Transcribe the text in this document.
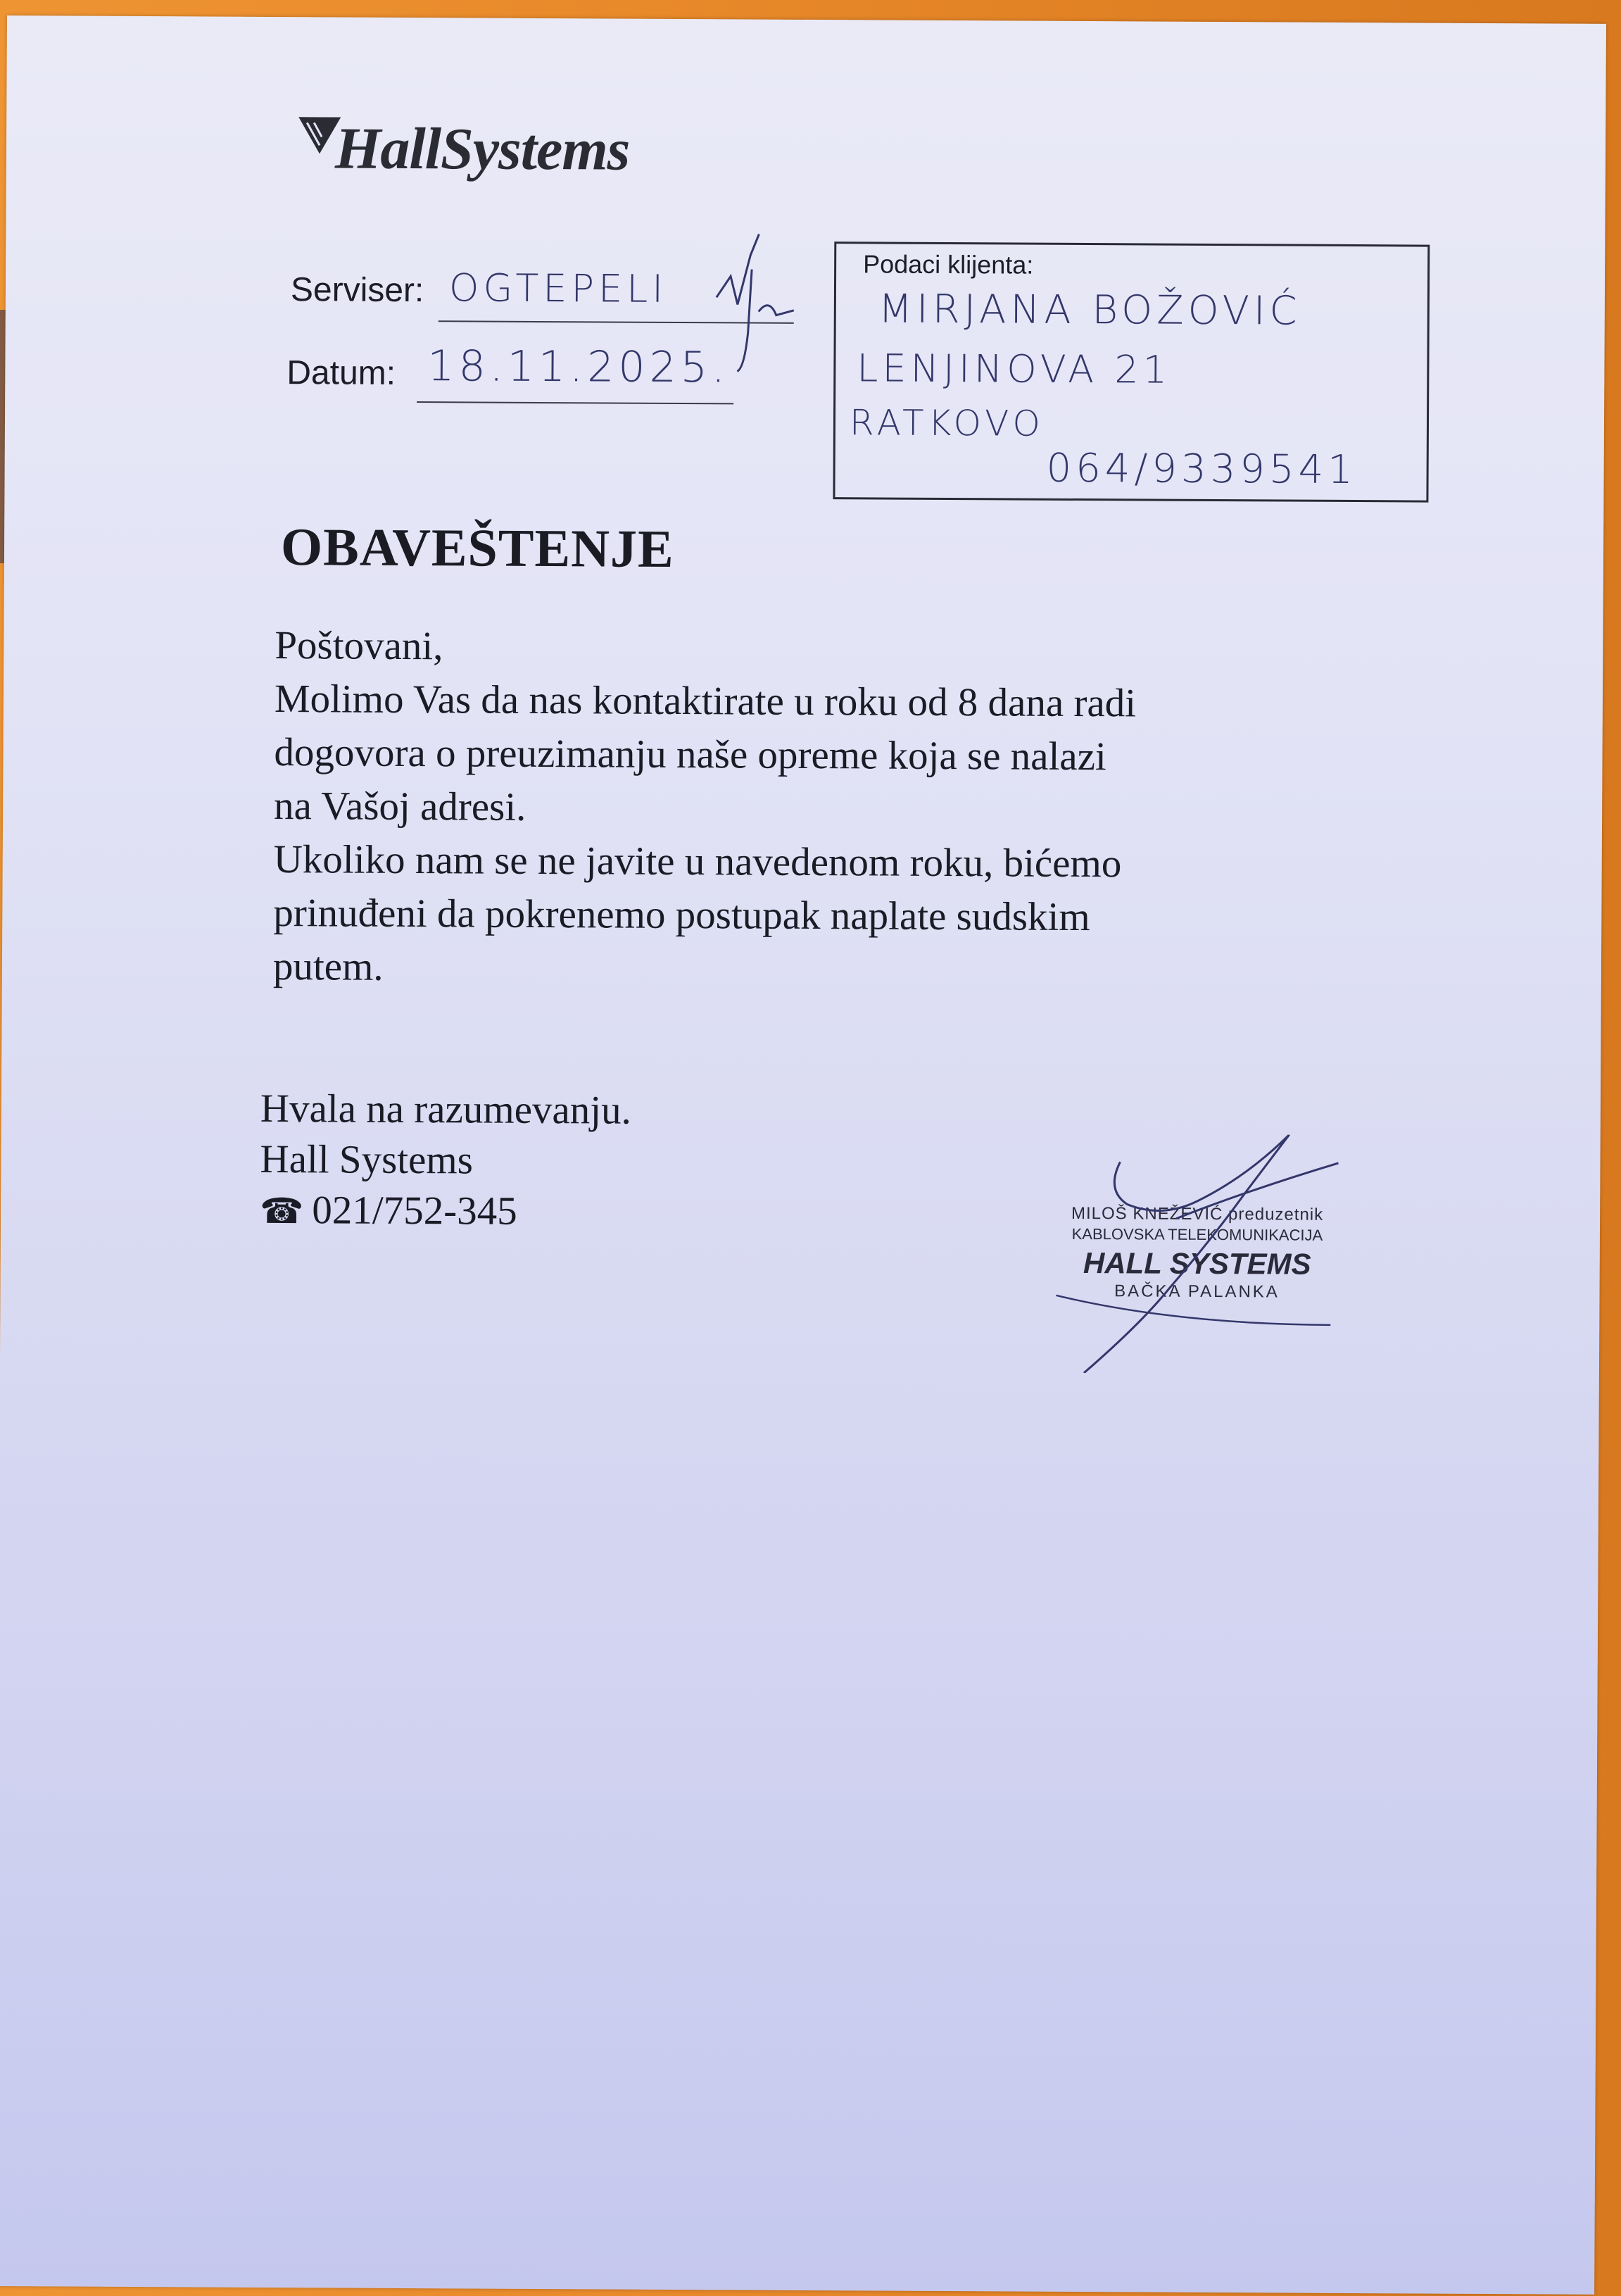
HallSystems
Serviser: OGTEPELI
Datum: 18.11.2025.
Podaci klijenta:
MIRJANA BOŽOVIĆ
LENJINOVA 21
RATKOVO
064/9339541
OBAVEŠTENJE

Poštovani,

Molimo Vas da nas kontaktirate u roku od 8 dana radi

dogovora o preuzimanju naše opreme koja se nalazi

na Vašoj adresi.

Ukoliko nam se ne javite u navedenom roku, bićemo

prinuđeni da pokrenemo postupak naplate sudskim

putem.

Hvala na razumevanju.

Hall Systems

☎ 021/752-345	MILOŠ KNEŽEVIĆ preduzetnik
KABLOVSKA TELEKOMUNIKACIJA
HALL SYSTEMS
BAČKA PALANKA
